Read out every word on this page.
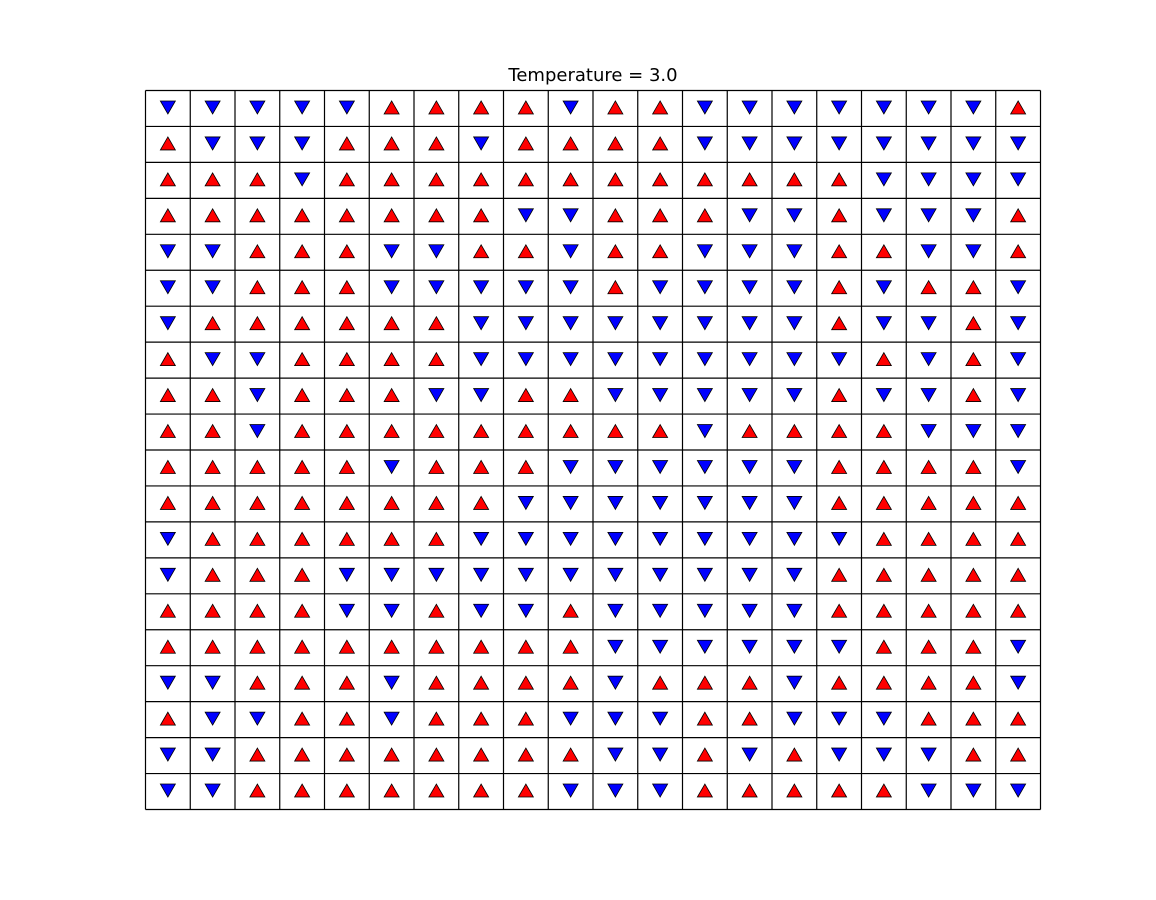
Temperature = 3.0
